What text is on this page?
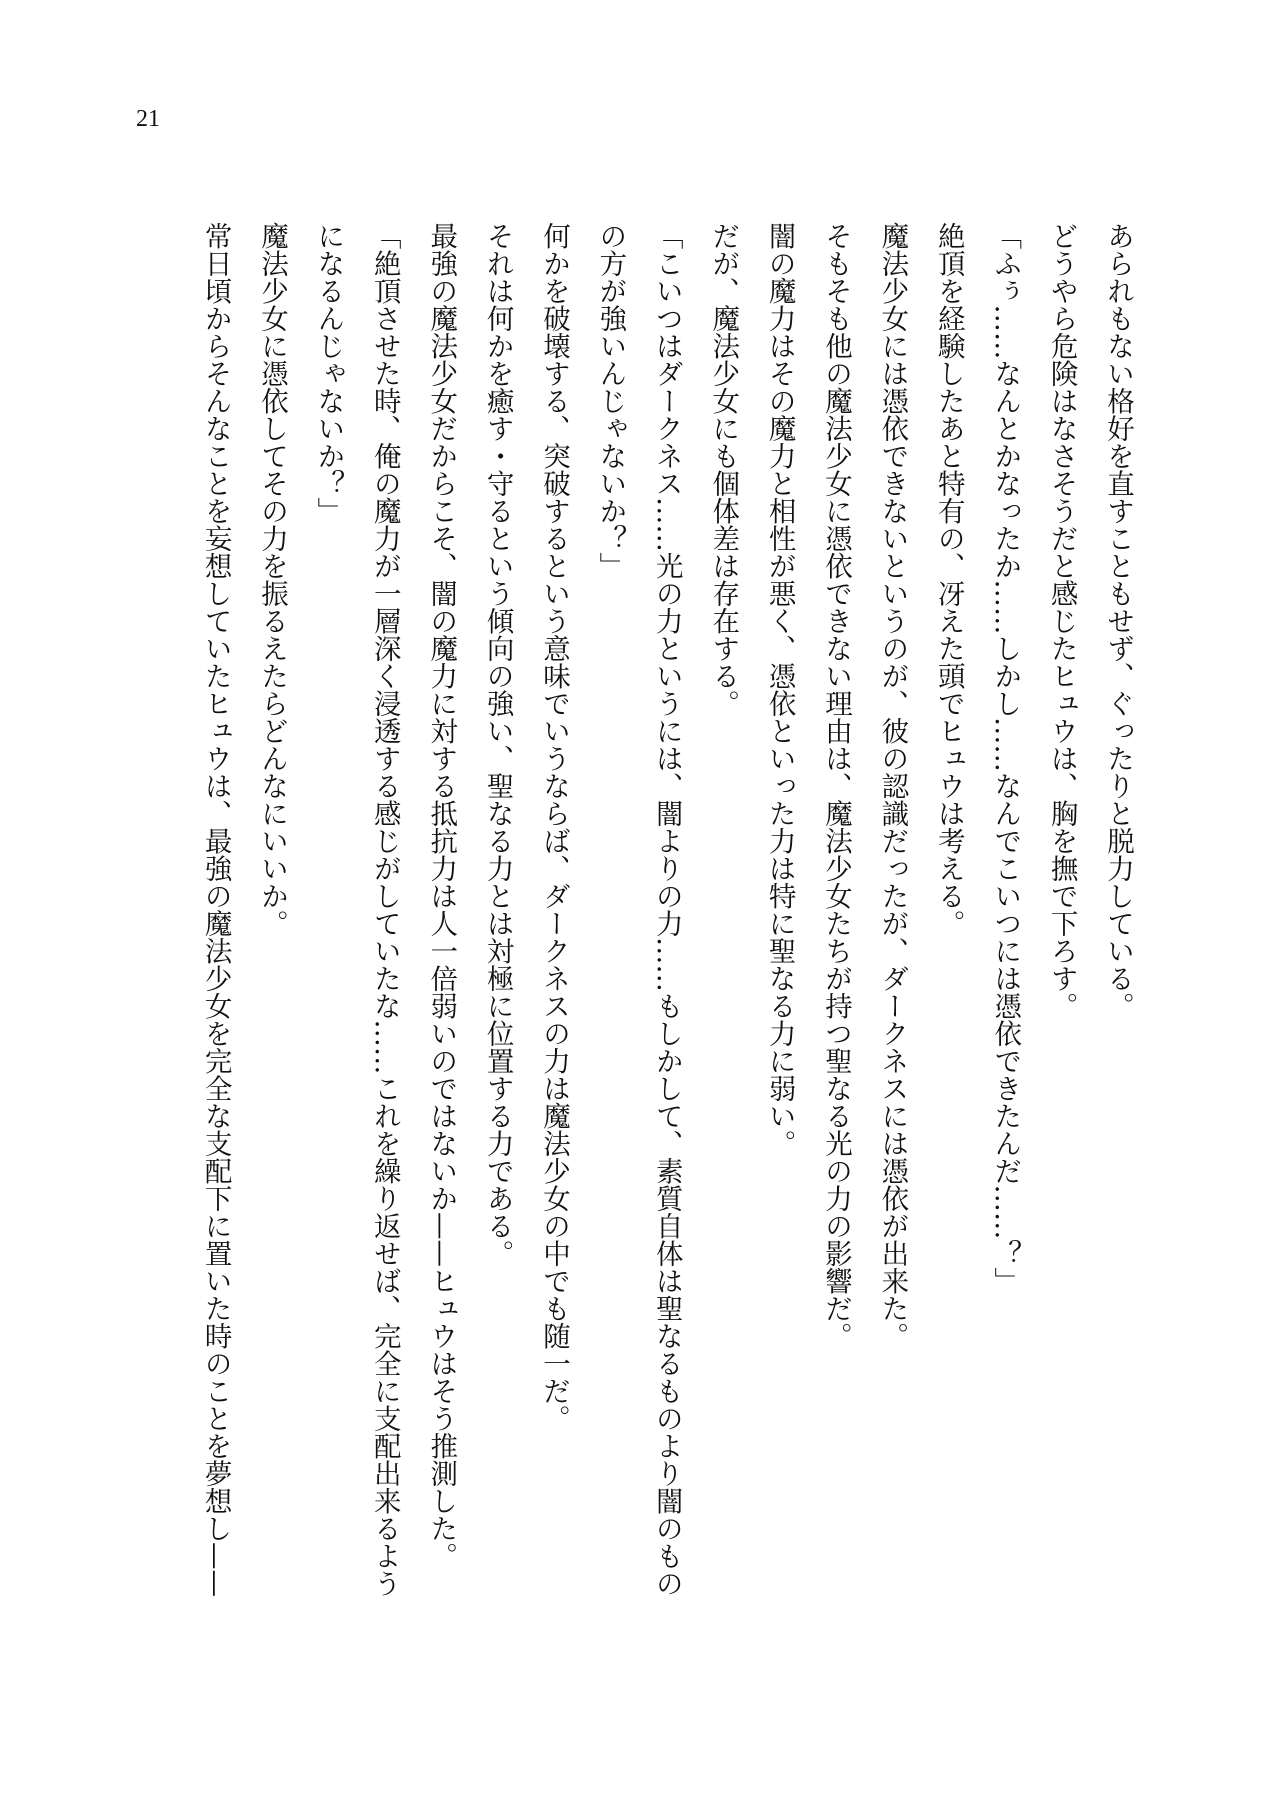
21
あられもない格好を直すこともせず、ぐったりと脱力している。
どうやら危険はなさそうだと感じたヒュウは、胸を撫で下ろす。
「ふぅ……なんとかなったか……しかし……なんでこいつには憑依できたんだ……？」
絶頂を経験したあと特有の、冴えた頭でヒュウは考える。
魔法少女には憑依できないというのが、彼の認識だったが、ダークネスには憑依が出来た。
そもそも他の魔法少女に憑依できない理由は、魔法少女たちが持つ聖なる光の力の影響だ。
闇の魔力はその魔力と相性が悪く、憑依といった力は特に聖なる力に弱い。
だが、魔法少女にも個体差は存在する。
「こいつはダークネス……光の力というには、闇よりの力……もしかして、素質自体は聖なるものより闇のもの
の方が強いんじゃないか？」
何かを破壊する、突破するという意味でいうならば、ダークネスの力は魔法少女の中でも随一だ。
それは何かを癒す・守るという傾向の強い、聖なる力とは対極に位置する力である。
最強の魔法少女だからこそ、闇の魔力に対する抵抗力は人一倍弱いのではないか——ヒュウはそう推測した。
「絶頂させた時、俺の魔力が一層深く浸透する感じがしていたな……これを繰り返せば、完全に支配出来るよう
になるんじゃないか？」
魔法少女に憑依してその力を振るえたらどんなにいいか。
常日頃からそんなことを妄想していたヒュウは、最強の魔法少女を完全な支配下に置いた時のことを夢想し——
